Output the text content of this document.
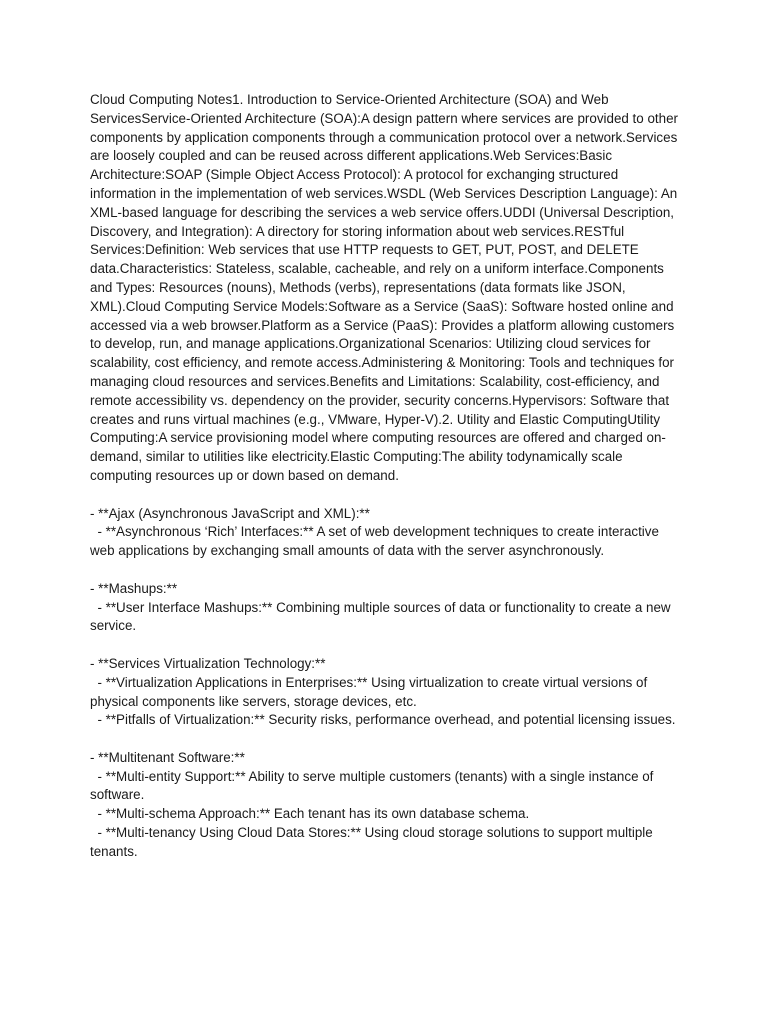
Cloud Computing Notes1. Introduction to Service-Oriented Architecture (SOA) and Web ServicesService-Oriented Architecture (SOA):A design pattern where services are provided to other components by application components through a communication protocol over a network.Services are loosely coupled and can be reused across different applications.Web Services:Basic Architecture:SOAP (Simple Object Access Protocol): A protocol for exchanging structured information in the implementation of web services.WSDL (Web Services Description Language): An XML-based language for describing the services a web service offers.UDDI (Universal Description, Discovery, and Integration): A directory for storing information about web services.RESTful Services:Definition: Web services that use HTTP requests to GET, PUT, POST, and DELETE data.Characteristics: Stateless, scalable, cacheable, and rely on a uniform interface.Components and Types: Resources (nouns), Methods (verbs), representations (data formats like JSON, XML).Cloud Computing Service Models:Software as a Service (SaaS): Software hosted online and accessed via a web browser.Platform as a Service (PaaS): Provides a platform allowing customers to develop, run, and manage applications.Organizational Scenarios: Utilizing cloud services for scalability, cost efficiency, and remote access.Administering & Monitoring: Tools and techniques for managing cloud resources and services.Benefits and Limitations: Scalability, cost-efficiency, and remote accessibility vs. dependency on the provider, security concerns.Hypervisors: Software that creates and runs virtual machines (e.g., VMware, Hyper-V).2. Utility and Elastic ComputingUtility Computing:A service provisioning model where computing resources are offered and charged on-demand, similar to utilities like electricity.Elastic Computing:The ability todynamically scale computing resources up or down based on demand.

- **Ajax (Asynchronous JavaScript and XML):**

- **Asynchronous ‘Rich’ Interfaces:** A set of web development techniques to create interactive web applications by exchanging small amounts of data with the server asynchronously.

- **Mashups:**

- **User Interface Mashups:** Combining multiple sources of data or functionality to create a new service.

- **Services Virtualization Technology:**

- **Virtualization Applications in Enterprises:** Using virtualization to create virtual versions of physical components like servers, storage devices, etc.

- **Pitfalls of Virtualization:** Security risks, performance overhead, and potential licensing issues.

- **Multitenant Software:**

- **Multi-entity Support:** Ability to serve multiple customers (tenants) with a single instance of software.

- **Multi-schema Approach:** Each tenant has its own database schema.

- **Multi-tenancy Using Cloud Data Stores:** Using cloud storage solutions to support multiple tenants.
